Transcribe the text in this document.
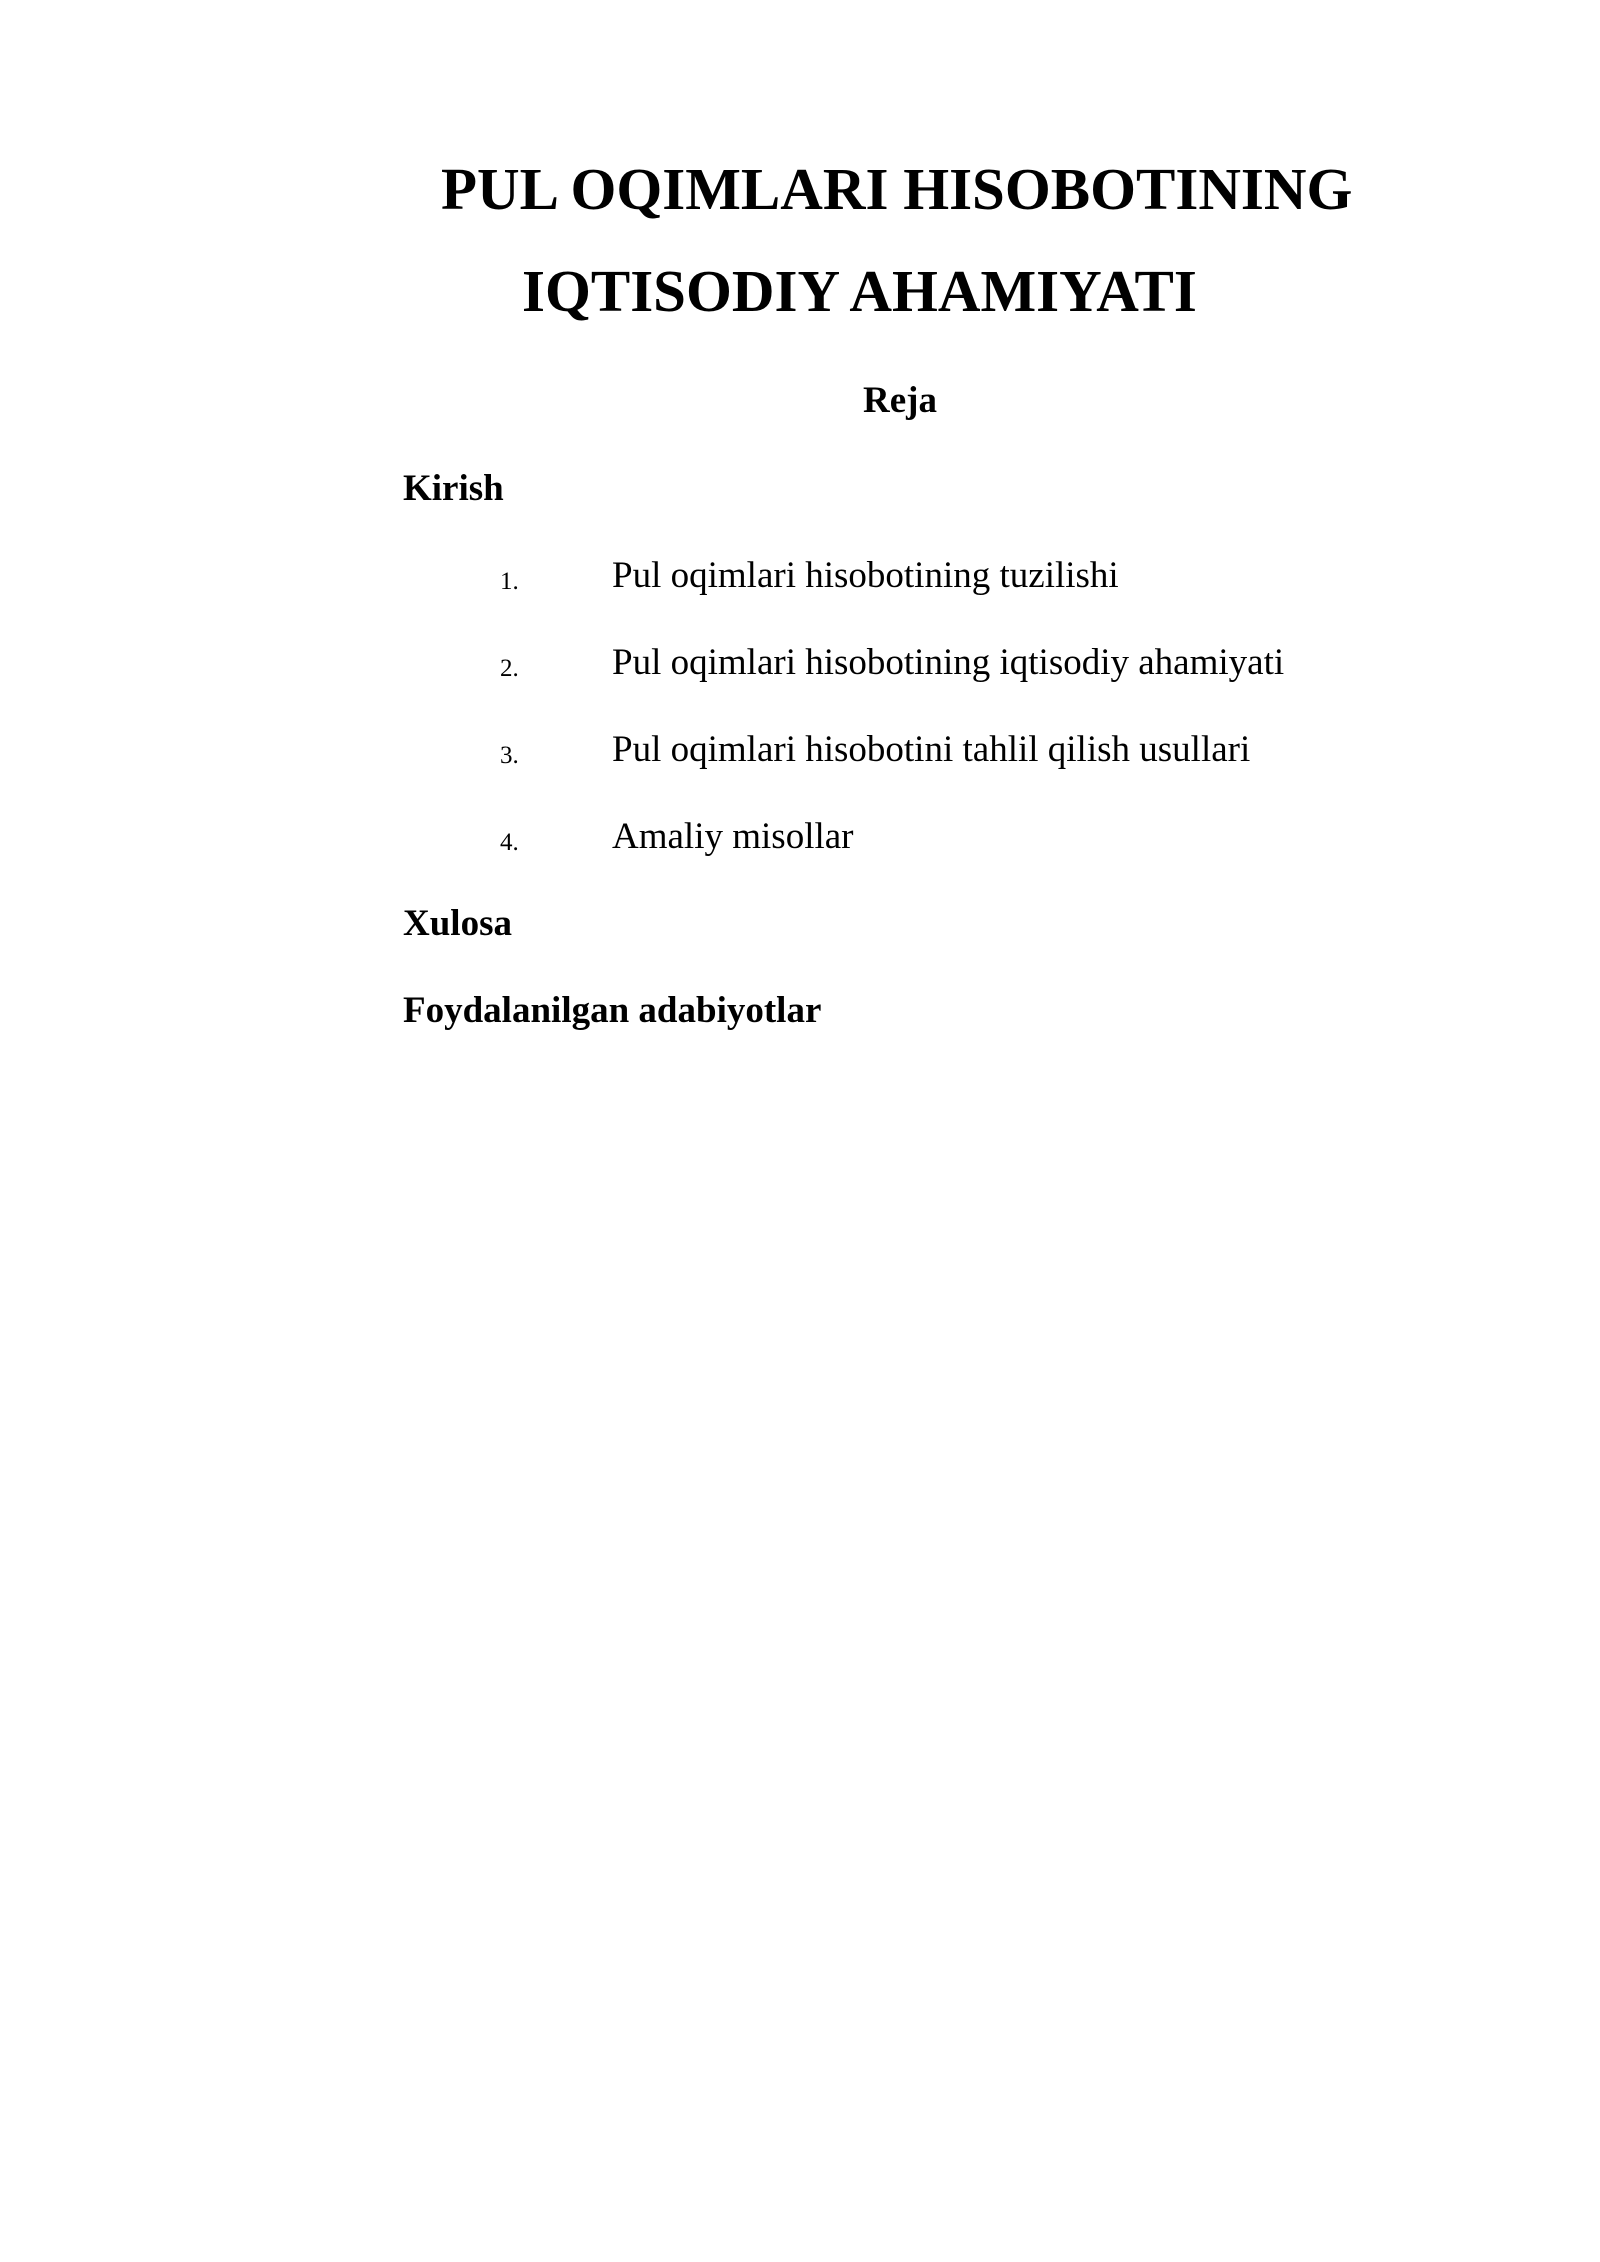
PUL OQIMLARI HISOBOTINING
IQTISODIY AHAMIYATI
Reja
Kirish
1.	Pul oqimlari hisobotining tuzilishi
2.	Pul oqimlari hisobotining iqtisodiy ahamiyati
3.	Pul oqimlari hisobotini tahlil qilish usullari
4.	Amaliy misollar
Xulosa
Foydalanilgan adabiyotlar
